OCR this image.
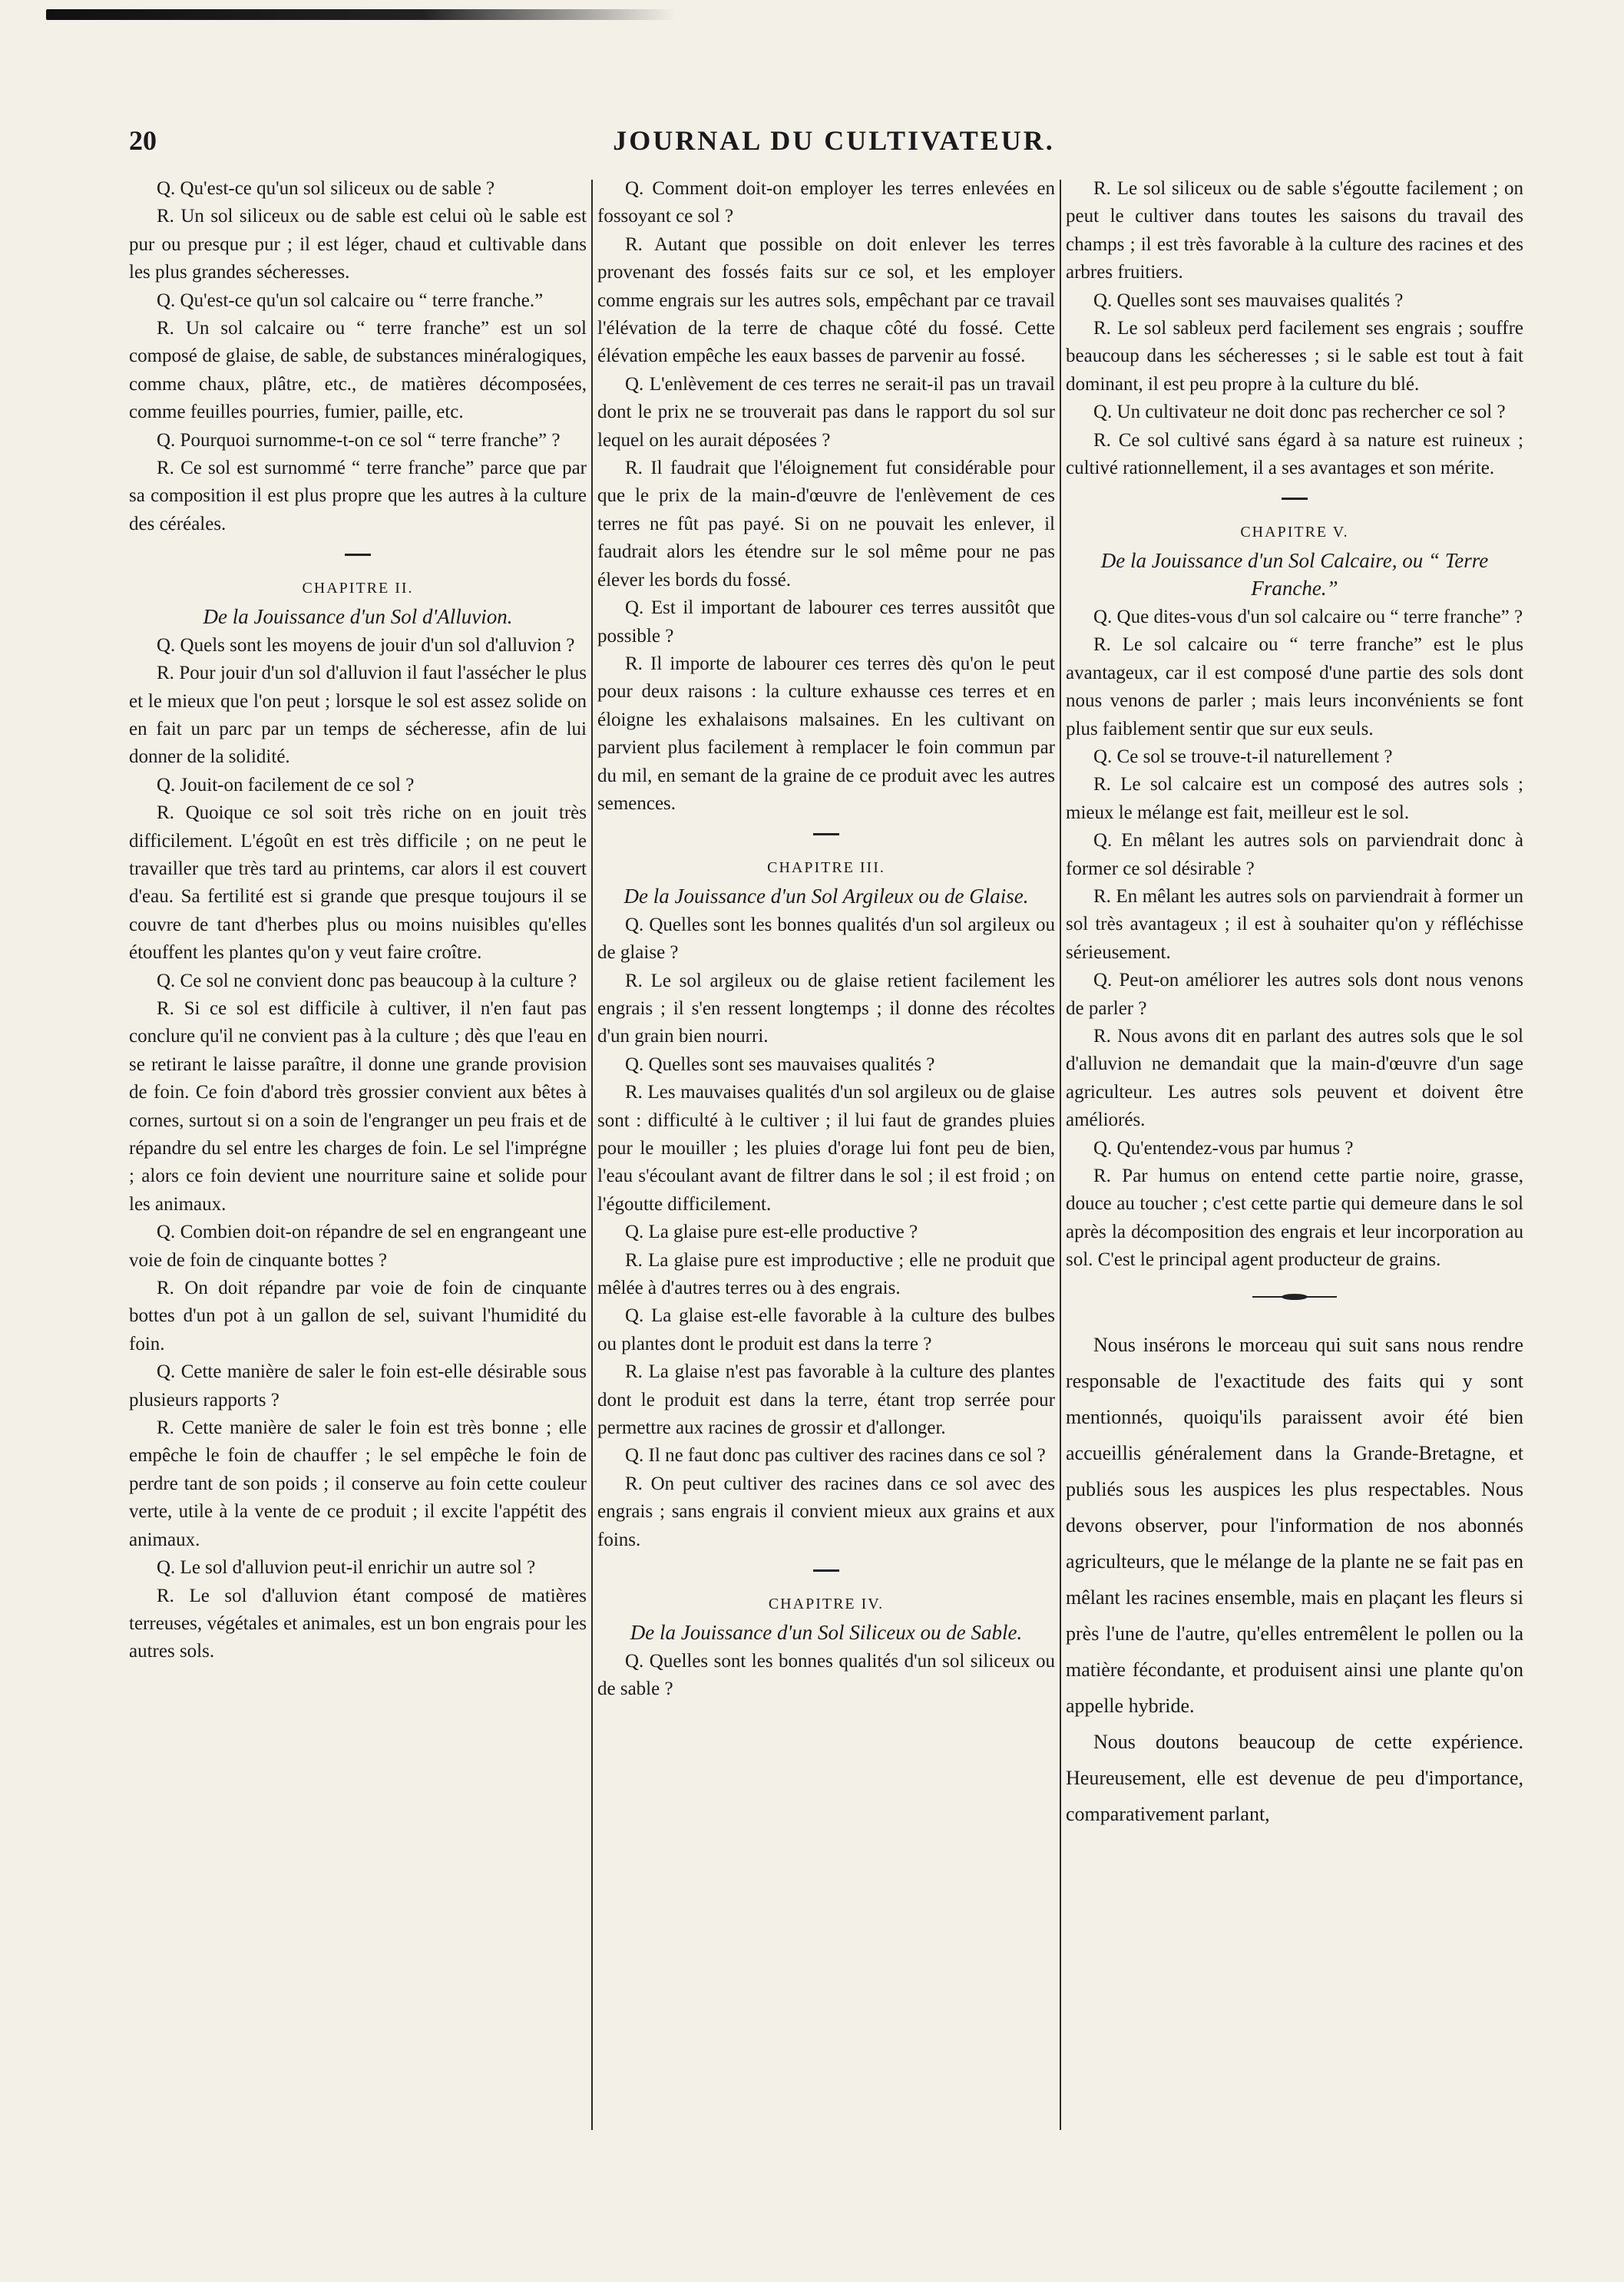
20	JOURNAL DU CULTIVATEUR.

Q. Qu'est-ce qu'un sol siliceux ou de sable ?

R. Un sol siliceux ou de sable est celui où le sable est pur ou presque pur ; il est léger, chaud et cultivable dans les plus grandes sécheresses.

Q. Qu'est-ce qu'un sol calcaire ou “ terre franche.”

R. Un sol calcaire ou “ terre franche” est un sol composé de glaise, de sable, de substances minéralogiques, comme chaux, plâtre, etc., de matières décomposées, comme feuilles pourries, fumier, paille, etc.

Q. Pourquoi surnomme-t-on ce sol “ terre franche” ?

R. Ce sol est surnommé “ terre franche” parce que par sa composition il est plus propre que les autres à la culture des céréales.

CHAPITRE II.

De la Jouissance d'un Sol d'Alluvion.

Q. Quels sont les moyens de jouir d'un sol d'alluvion ?

R. Pour jouir d'un sol d'alluvion il faut l'assécher le plus et le mieux que l'on peut ; lorsque le sol est assez solide on en fait un parc par un temps de sécheresse, afin de lui donner de la solidité.

Q. Jouit-on facilement de ce sol ?

R. Quoique ce sol soit très riche on en jouit très difficilement. L'égoût en est très difficile ; on ne peut le travailler que très tard au printems, car alors il est couvert d'eau. Sa fertilité est si grande que presque toujours il se couvre de tant d'herbes plus ou moins nuisibles qu'elles étouffent les plantes qu'on y veut faire croître.

Q. Ce sol ne convient donc pas beaucoup à la culture ?

R. Si ce sol est difficile à cultiver, il n'en faut pas conclure qu'il ne convient pas à la culture ; dès que l'eau en se retirant le laisse paraître, il donne une grande provision de foin. Ce foin d'abord très grossier convient aux bêtes à cornes, surtout si on a soin de l'engranger un peu frais et de répandre du sel entre les charges de foin. Le sel l'imprégne ; alors ce foin devient une nourriture saine et solide pour les animaux.

Q. Combien doit-on répandre de sel en engrangeant une voie de foin de cinquante bottes ?

R. On doit répandre par voie de foin de cinquante bottes d'un pot à un gallon de sel, suivant l'humidité du foin.

Q. Cette manière de saler le foin est-elle désirable sous plusieurs rapports ?

R. Cette manière de saler le foin est très bonne ; elle empêche le foin de chauffer ; le sel empêche le foin de perdre tant de son poids ; il conserve au foin cette couleur verte, utile à la vente de ce produit ; il excite l'appétit des animaux.

Q. Le sol d'alluvion peut-il enrichir un autre sol ?

R. Le sol d'alluvion étant composé de matières terreuses, végétales et animales, est un bon engrais pour les autres sols.

Q. Comment doit-on employer les terres enlevées en fossoyant ce sol ?

R. Autant que possible on doit enlever les terres provenant des fossés faits sur ce sol, et les employer comme engrais sur les autres sols, empêchant par ce travail l'élévation de la terre de chaque côté du fossé. Cette élévation empêche les eaux basses de parvenir au fossé.

Q. L'enlèvement de ces terres ne serait-il pas un travail dont le prix ne se trouverait pas dans le rapport du sol sur lequel on les aurait déposées ?

R. Il faudrait que l'éloignement fut considérable pour que le prix de la main-d'œuvre de l'enlèvement de ces terres ne fût pas payé. Si on ne pouvait les enlever, il faudrait alors les étendre sur le sol même pour ne pas élever les bords du fossé.

Q. Est il important de labourer ces terres aussitôt que possible ?

R. Il importe de labourer ces terres dès qu'on le peut pour deux raisons : la culture exhausse ces terres et en éloigne les exhalaisons malsaines. En les cultivant on parvient plus facilement à remplacer le foin commun par du mil, en semant de la graine de ce produit avec les autres semences.

CHAPITRE III.

De la Jouissance d'un Sol Argileux ou de Glaise.

Q. Quelles sont les bonnes qualités d'un sol argileux ou de glaise ?

R. Le sol argileux ou de glaise retient facilement les engrais ; il s'en ressent longtemps ; il donne des récoltes d'un grain bien nourri.

Q. Quelles sont ses mauvaises qualités ?

R. Les mauvaises qualités d'un sol argileux ou de glaise sont : difficulté à le cultiver ; il lui faut de grandes pluies pour le mouiller ; les pluies d'orage lui font peu de bien, l'eau s'écoulant avant de filtrer dans le sol ; il est froid ; on l'égoutte difficilement.

Q. La glaise pure est-elle productive ?

R. La glaise pure est improductive ; elle ne produit que mêlée à d'autres terres ou à des engrais.

Q. La glaise est-elle favorable à la culture des bulbes ou plantes dont le produit est dans la terre ?

R. La glaise n'est pas favorable à la culture des plantes dont le produit est dans la terre, étant trop serrée pour permettre aux racines de grossir et d'allonger.

Q. Il ne faut donc pas cultiver des racines dans ce sol ?

R. On peut cultiver des racines dans ce sol avec des engrais ; sans engrais il convient mieux aux grains et aux foins.

CHAPITRE IV.

De la Jouissance d'un Sol Siliceux ou de Sable.

Q. Quelles sont les bonnes qualités d'un sol siliceux ou de sable ?

R. Le sol siliceux ou de sable s'égoutte facilement ; on peut le cultiver dans toutes les saisons du travail des champs ; il est très favorable à la culture des racines et des arbres fruitiers.

Q. Quelles sont ses mauvaises qualités ?

R. Le sol sableux perd facilement ses engrais ; souffre beaucoup dans les sécheresses ; si le sable est tout à fait dominant, il est peu propre à la culture du blé.

Q. Un cultivateur ne doit donc pas rechercher ce sol ?

R. Ce sol cultivé sans égard à sa nature est ruineux ; cultivé rationnellement, il a ses avantages et son mérite.

CHAPITRE V.

De la Jouissance d'un Sol Calcaire, ou “ Terre Franche.”

Q. Que dites-vous d'un sol calcaire ou “ terre franche” ?

R. Le sol calcaire ou “ terre franche” est le plus avantageux, car il est composé d'une partie des sols dont nous venons de parler ; mais leurs inconvénients se font plus faiblement sentir que sur eux seuls.

Q. Ce sol se trouve-t-il naturellement ?

R. Le sol calcaire est un composé des autres sols ; mieux le mélange est fait, meilleur est le sol.

Q. En mêlant les autres sols on parviendrait donc à former ce sol désirable ?

R. En mêlant les autres sols on parviendrait à former un sol très avantageux ; il est à souhaiter qu'on y réfléchisse sérieusement.

Q. Peut-on améliorer les autres sols dont nous venons de parler ?

R. Nous avons dit en parlant des autres sols que le sol d'alluvion ne demandait que la main-d'œuvre d'un sage agriculteur. Les autres sols peuvent et doivent être améliorés.

Q. Qu'entendez-vous par humus ?

R. Par humus on entend cette partie noire, grasse, douce au toucher ; c'est cette partie qui demeure dans le sol après la décomposition des engrais et leur incorporation au sol. C'est le principal agent producteur de grains.

Nous insérons le morceau qui suit sans nous rendre responsable de l'exactitude des faits qui y sont mentionnés, quoiqu'ils paraissent avoir été bien accueillis généralement dans la Grande-Bretagne, et publiés sous les auspices les plus respectables. Nous devons observer, pour l'information de nos abonnés agriculteurs, que le mélange de la plante ne se fait pas en mêlant les racines ensemble, mais en plaçant les fleurs si près l'une de l'autre, qu'elles entremêlent le pollen ou la matière fécondante, et produisent ainsi une plante qu'on appelle hybride.

Nous doutons beaucoup de cette expérience. Heureusement, elle est devenue de peu d'importance, comparativement parlant,
